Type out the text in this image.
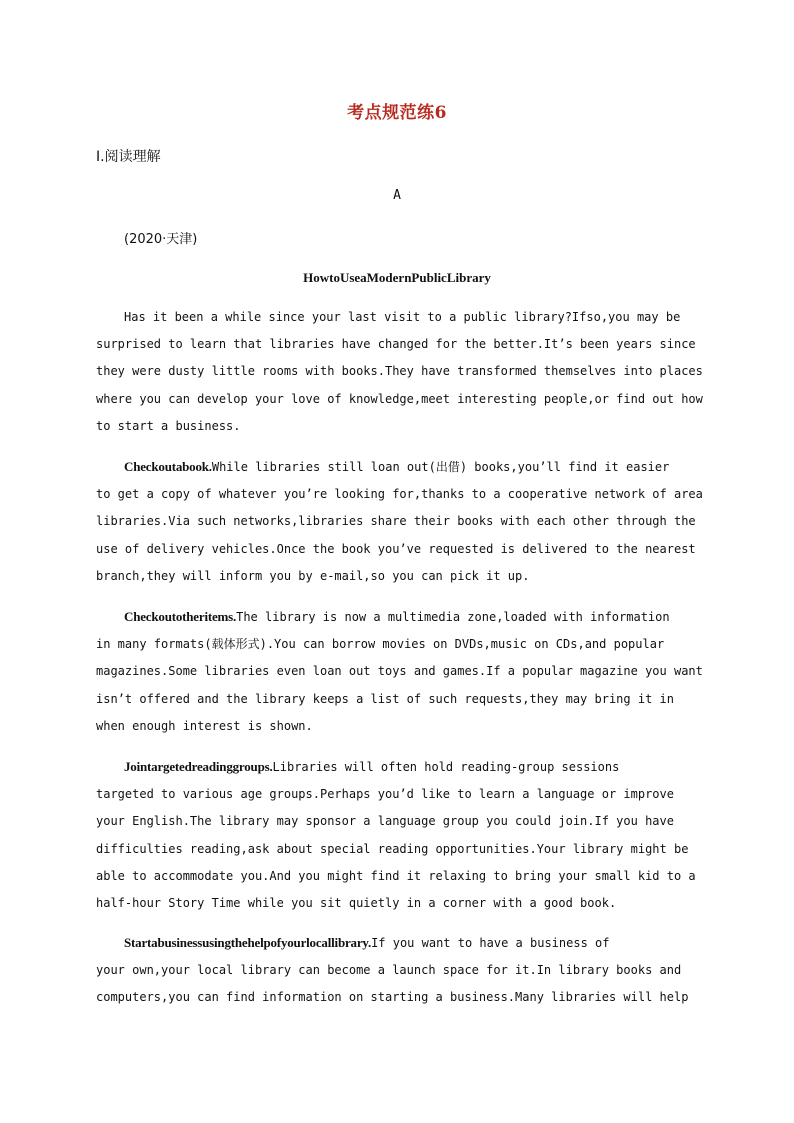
考点规范练6
Ⅰ.阅读理解
A
(2020·天津)
HowtoUseaModernPublicLibrary
Has it been a while since your last visit to a public library?Ifso,you may be
surprised to learn that libraries have changed for the better.It’s been years since
they were dusty little rooms with books.They have transformed themselves into places
where you can develop your love of knowledge,meet interesting people,or find out how
to start a business.
Checkoutabook.While libraries still loan out(出借) books,you’ll find it easier
to get a copy of whatever you’re looking for,thanks to a cooperative network of area
libraries.Via such networks,libraries share their books with each other through the
use of delivery vehicles.Once the book you’ve requested is delivered to the nearest
branch,they will inform you by e-mail,so you can pick it up.
Checkoutotheritems.The library is now a multimedia zone,loaded with information
in many formats(载体形式).You can borrow movies on DVDs,music on CDs,and popular
magazines.Some libraries even loan out toys and games.If a popular magazine you want
isn’t offered and the library keeps a list of such requests,they may bring it in
when enough interest is shown.
Jointargetedreadinggroups.Libraries will often hold reading-group sessions
targeted to various age groups.Perhaps you’d like to learn a language or improve
your English.The library may sponsor a language group you could join.If you have
difficulties reading,ask about special reading opportunities.Your library might be
able to accommodate you.And you might find it relaxing to bring your small kid to a
half-hour Story Time while you sit quietly in a corner with a good book.
Startabusinessusingthehelpofyourlocallibrary.If you want to have a business of
your own,your local library can become a launch space for it.In library books and
computers,you can find information on starting a business.Many libraries will help
